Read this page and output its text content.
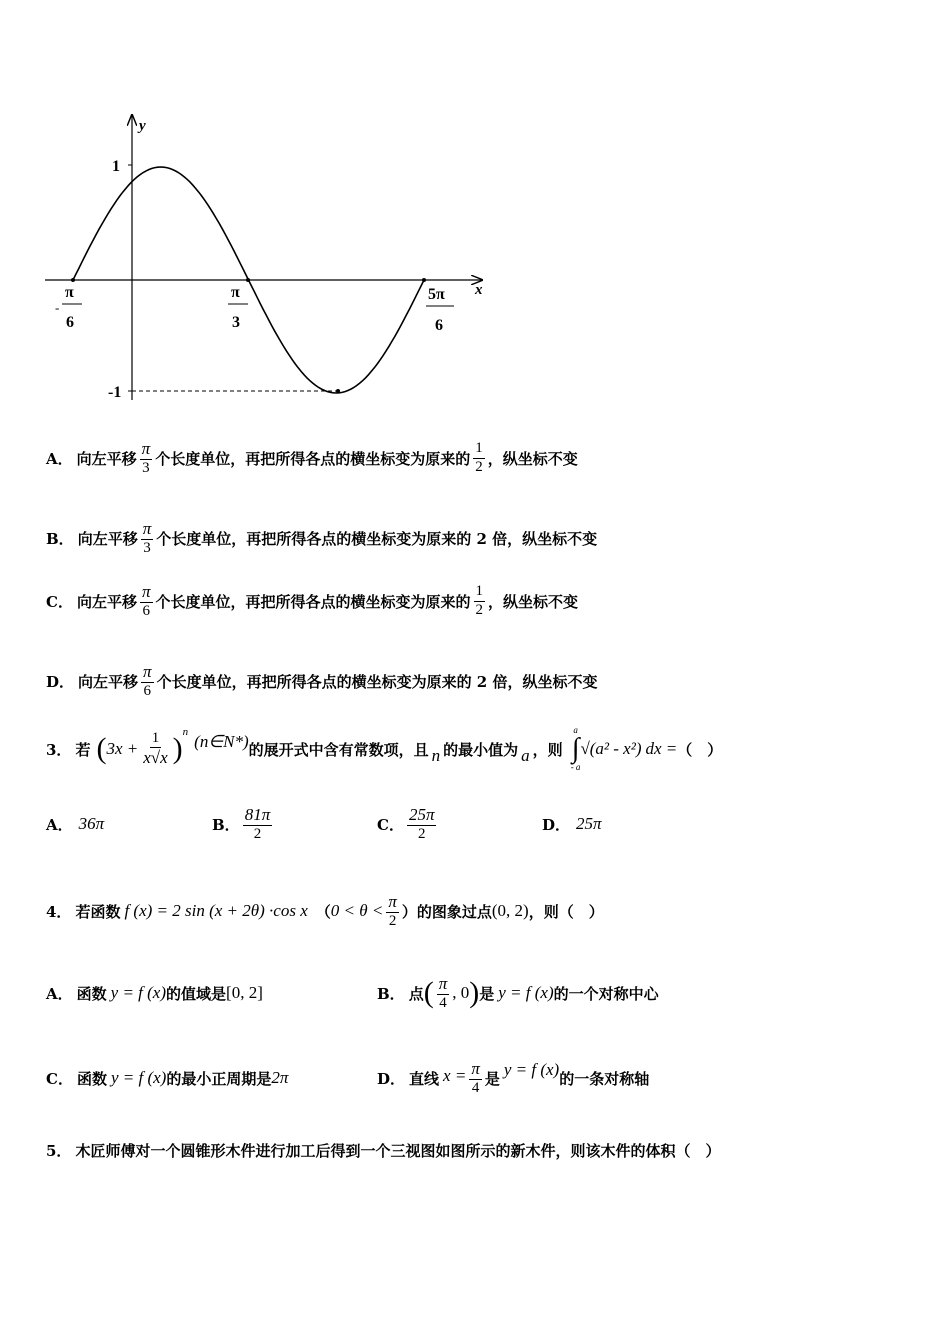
y
x
1
-1
-
π
6
π
3
5π
6
A． 向左平移 $\frac{\pi}{3}$ 个长度单位，再把所得各点的横坐标变为原来的 $\frac{1}{2}$ ，纵坐标不变
B． 向左平移 $\frac{\pi}{3}$ 个长度单位，再把所得各点的横坐标变为原来的 2 倍，纵坐标不变
C． 向左平移 $\frac{\pi}{6}$ 个长度单位，再把所得各点的横坐标变为原来的 $\frac{1}{2}$ ，纵坐标不变
D． 向左平移 $\frac{\pi}{6}$ 个长度单位，再把所得各点的横坐标变为原来的 2 倍，纵坐标不变
3． 若 ( $3x + \frac{1}{x√x}$ ) n (n∈N*) 的展开式中含有常数项，且 n 的最小值为 a ，则
a
∫
- a
√(a² - x²) dx = （　）
A． 36π	B． $\frac{81\pi}{2}$	C． $\frac{25\pi}{2}$	D． 25π
4． 若函数 f (x) = 2 sin (x + 2θ) ·cos x （ $0 < \theta < \frac{\pi}{2}$ ） 的图象过点 (0, 2) ，则（　）
A． 函数 y = f (x) 的值域是 [0, 2]	B． 点 ( $\frac{\pi}{4}$ , 0 ) 是 y = f (x) 的一个对称中心
C． 函数 y = f (x) 的最小正周期是 2π	D． 直线 $x = \frac{\pi}{4}$ 是 y = f (x) 的一条对称轴
5． 木匠师傅对一个圆锥形木件进行加工后得到一个三视图如图所示的新木件，则该木件的体积（　）
